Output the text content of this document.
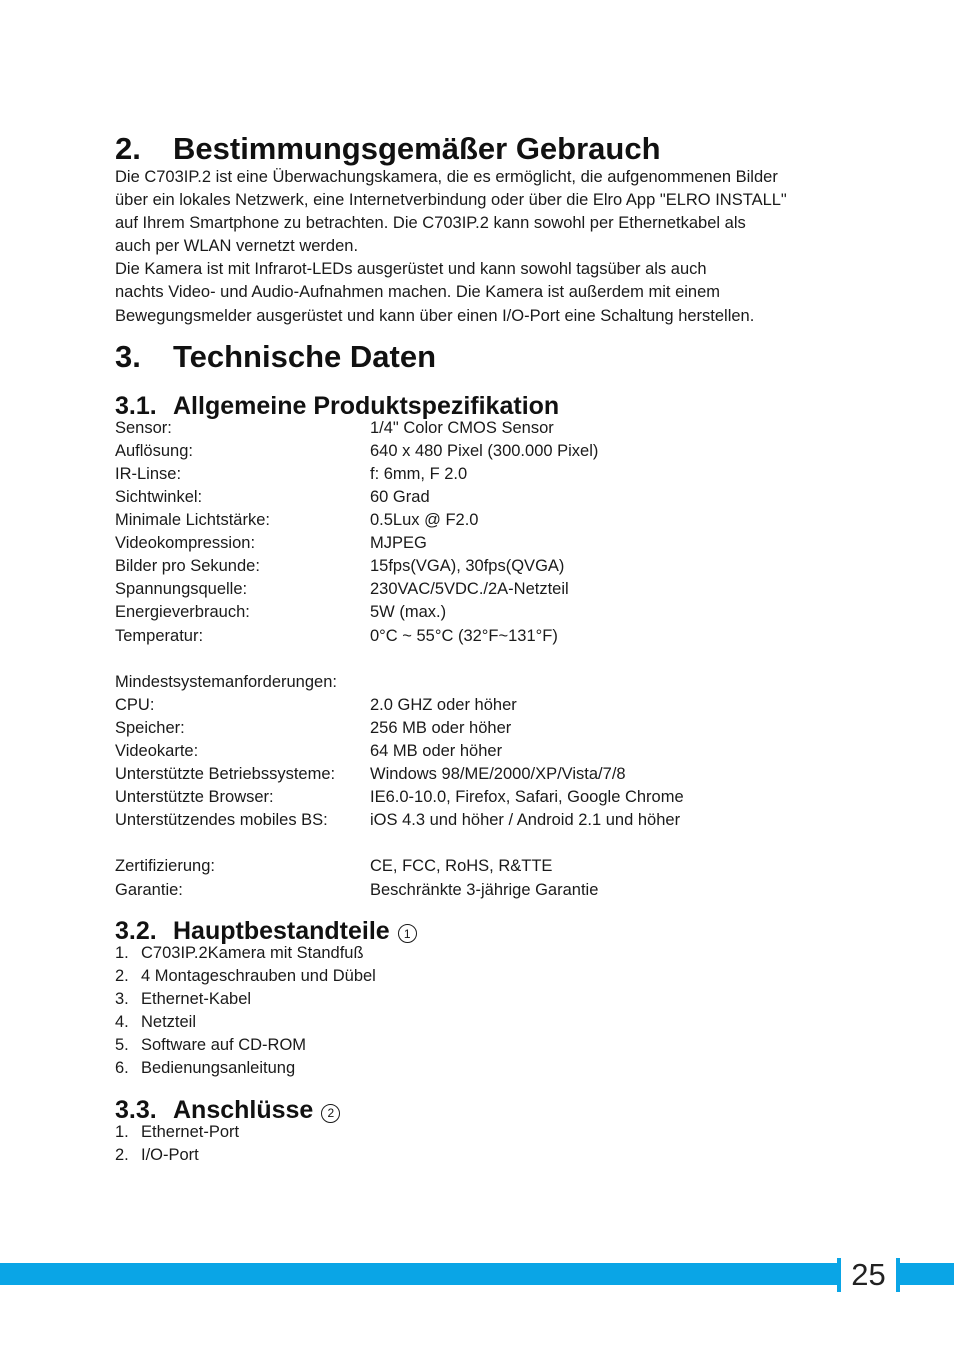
2.	Bestimmungsgemäßer Gebrauch

Die C703IP.2 ist eine Überwachungskamera, die es ermöglicht, die aufgenommenen Bilder

über ein lokales Netzwerk, eine Internetverbindung oder über die Elro App "ELRO INSTALL"

auf Ihrem Smartphone zu betrachten. Die C703IP.2 kann sowohl per Ethernetkabel als

auch per WLAN vernetzt werden.

Die Kamera ist mit Infrarot-LEDs ausgerüstet und kann sowohl tagsüber als auch

nachts Video- und Audio-Aufnahmen machen. Die Kamera ist außerdem mit einem

Bewegungsmelder ausgerüstet und kann über einen I/O-Port eine Schaltung herstellen.

3.	Technische Daten
3.1. Allgemeine Produktspezifikation
Sensor:	1/4" Color CMOS Sensor
Auflösung:	640 x 480 Pixel (300.000 Pixel)
IR-Linse:	f: 6mm, F 2.0
Sichtwinkel:	60 Grad
Minimale Lichtstärke:	0.5Lux @ F2.0
Videokompression:	MJPEG
Bilder pro Sekunde:	15fps(VGA), 30fps(QVGA)
Spannungsquelle:	230VAC/5VDC./2A-Netzteil
Energieverbrauch:	5W (max.)
Temperatur:	0°C ~ 55°C (32°F~131°F)

Mindestsystemanforderungen:	
CPU:	2.0 GHZ oder höher
Speicher:	256 MB oder höher
Videokarte:	64 MB oder höher
Unterstützte Betriebssysteme:	Windows 98/ME/2000/XP/Vista/7/8
Unterstützte Browser:	IE6.0-10.0, Firefox, Safari, Google Chrome
Unterstützendes mobiles BS:	iOS 4.3 und höher / Android 2.1 und höher

Zertifizierung:	CE, FCC, RoHS, R&TTE
Garantie:	Beschränkte 3-jährige Garantie
3.2. Hauptbestandteile	1
1. C703IP.2Kamera mit Standfuß
2. 4 Montageschrauben und Dübel
3. Ethernet-Kabel
4. Netzteil
5. Software auf CD-ROM
6. Bedienungsanleitung
3.3. Anschlüsse	2
1. Ethernet-Port
2. I/O-Port
25
